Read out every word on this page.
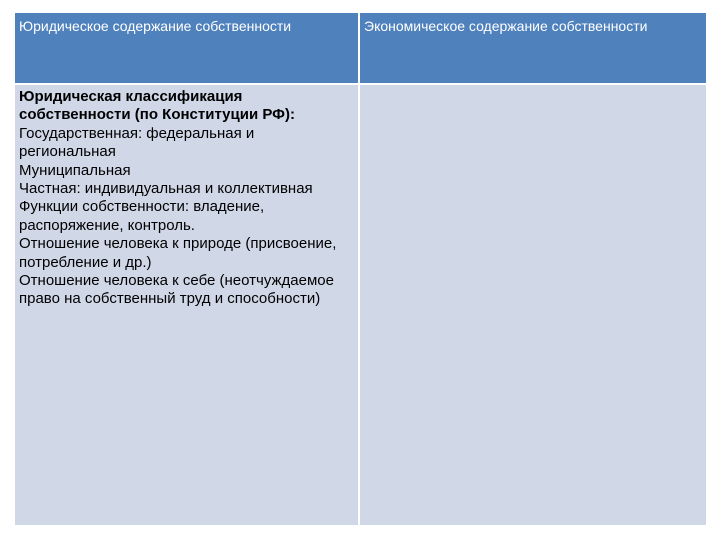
Юридическое содержание собственности	Экономическое содержание собственности
Юридическая классификация собственности (по Конституции РФ):
Государственная: федеральная и региональная
Муниципальная
Частная: индивидуальная и коллективная
Функции собственности: владение, распоряжение, контроль.
Отношение человека к природе (присвоение, потребление и др.)
Отношение человека к себе (неотчуждаемое право на собственный труд и способности)
